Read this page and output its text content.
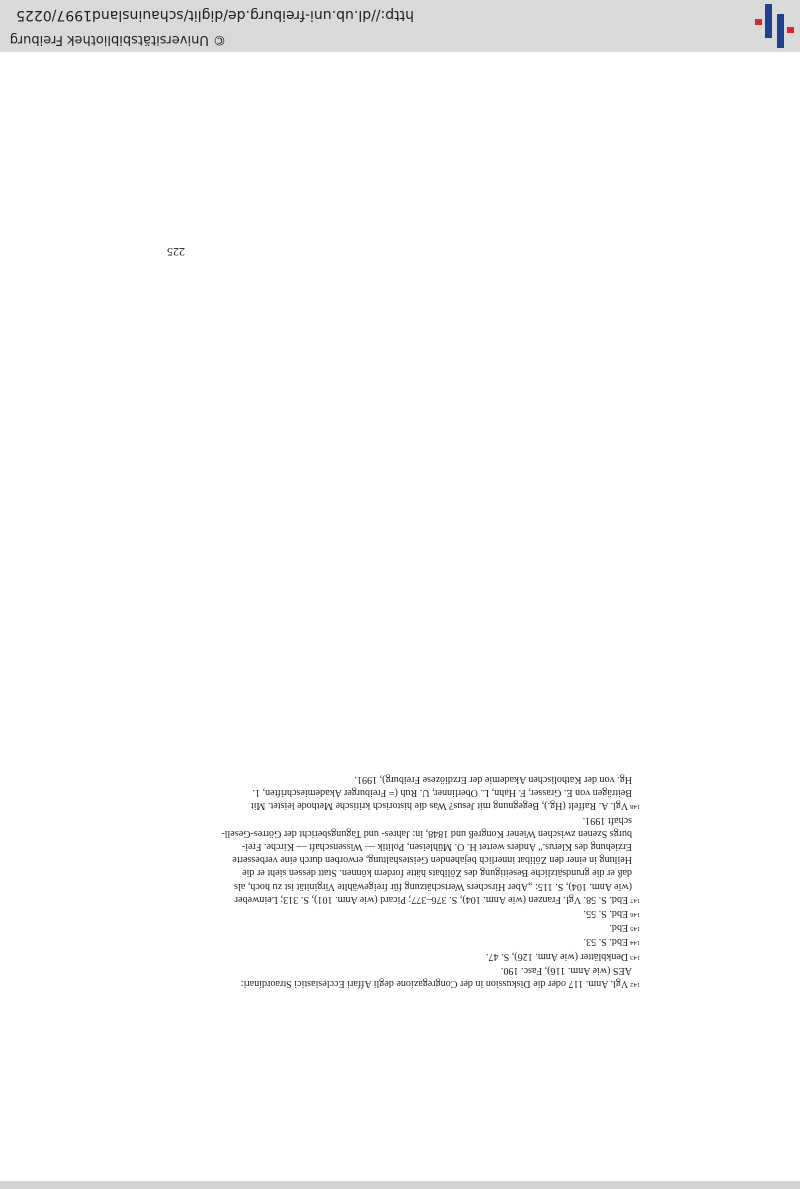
142Vgl. Anm. 117 oder die Diskussion in der Congregazione degli Affari Ecclesiastici Straordinari:
AES (wie Anm. 116), Fasc. 190.

143Denkblätter (wie Anm. 126), S. 47.

144Ebd. S. 53.

145Ebd.

146Ebd. S. 55.

147Ebd. S. 58. Vgl. Franzen (wie Anm. 104), S. 376–377; Picard (wie Anm. 101), S. 313; Leinweber
(wie Anm. 104), S. 115: „Aber Hirschers Wertschätzung für freigewählte Virginität ist zu hoch, als
daß er die grundsätzliche Beseitigung des Zölibats hätte fordern können. Statt dessen sieht er die
Heilung in einer den Zölibat innerlich bejahenden Geisteshaltung, erworben durch eine verbesserte
Erziehung des Klerus.“ Anders wertet H. O. Mühleisen, Politik — Wissenschaft — Kirche. Frei-
burgs Szenen zwischen Wiener Kongreß und 1848, in: Jahres- und Tagungsbericht der Görres-Gesell-
schaft 1991.

148Vgl. A. Raffelt (Hg.), Begegnung mit Jesus? Was die historisch kritische Methode leistet. Mit
Beiträgen von E. Grasser, F. Hahn, L. Oberlinner, U. Ruh (= Freiburger Akademieschriften, 1.
Hg. von der Katholischen Akademie der Erzdiözese Freiburg), 1991.

225
© Universitätsbibliothek Freiburg
http://dl.ub.uni-freiburg.de/diglit/schauinsland1997/0225
